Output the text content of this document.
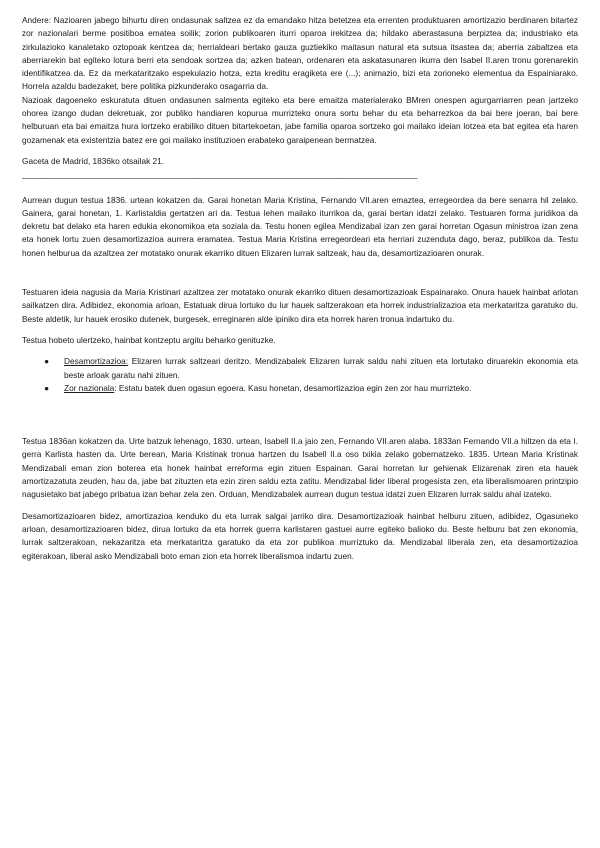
Andere: Nazioaren jabego bihurtu diren ondasunak saltzea ez da emandako hitza betetzea eta errenten produktuaren amortizazio berdinaren bitartez zor nazionalari berme positiboa ematea soilik; zorion publikoaren iturri oparoa irekitzea da; hildako aberastasuna berpiztea da; industriako eta zirkulazioko kanaletako oztopoak kentzea da; herrialdeari bertako gauza guztiekiko maitasun natural eta sutsua itsastea da; aberria zabaltzea eta aberriarekin bat egiteko lotura berri eta sendoak sortzea da; azken batean, ordenaren eta askatasunaren ikurra den Isabel II.aren tronu gorenarekin identifikatzea da. Ez da merkataritzako espekulazio hotza, ezta kreditu eragiketa ere (...); animazio, bizi eta zorioneko elementua da Espainiarako. Horrela azaldu badezaket, bere politika pizkunderako osagarria da.

Nazioak dagoeneko eskuratuta dituen ondasunen salmenta egiteko eta bere emaitza materialerako BMren onespen agurgarriarren pean jartzeko ohorea izango dudan dekretuak, zor publiko handiaren kopurua murrizteko onura sortu behar du eta beharrezkoa da bai bere joeran, bai bere helburuan eta bai emaitza hura lortzeko erabiliko dituen bitartekoetan, jabe familia oparoa sortzeko goi mailako ideian lotzea eta bat egitea eta haren gozamenak eta existentzia batez ere goi mailako instituzioen erabateko garaipenean bermatzea.

Gaceta de Madrid, 1836ko otsailak 21.

________________________________________________________________________________________________

Aurrean dugun testua 1836. urtean kokatzen da. Garai honetan Maria Kristina, Fernando VII.aren emaztea, erregeordea da bere senarra hil zelako. Gainera, garai honetan, 1. Karlistaldia gertatzen ari da. Testua lehen mailako iturrikoa da, garai bertan idatzi zelako. Testuaren forma juridikoa da dekretu bat delako eta haren edukia ekonomikoa eta soziala da. Testu honen egilea Mendizabal izan zen garai horretan Ogasun ministroa izan zena eta honek lortu zuen desamortizazioa aurrera eramatea. Testua Maria Kristina erregeordeari eta herriari zuzenduta dago, beraz, publikoa da. Testu honen helburua da azaltzea zer motatako onurak ekarriko dituen Elizaren lurrak saltzeak, hau da, desamortizazioaren onurak.

Testuaren ideia nagusia da Maria Kristinari azaltzea zer motatako onurak ekarriko dituen desamortizazioak Espainarako. Onura hauek hainbat arlotan sailkatzen dira. Adibidez, ekonomia arloan, Estatuak dirua lortuko du lur hauek saltzerakoan eta horrek industrializazioa eta merkataritza garatuko du. Beste aldetik, lur hauek erosiko dutenek, burgesek, erreginaren alde ipiniko dira eta horrek haren tronua indartuko du.

Testua hobeto ulertzeko, hainbat kontzeptu argitu beharko genituzke.

● Desamortizazioa: Elizaren lurrak saltzeari deritzo. Mendizabalek Elizaren lurrak saldu nahi zituen eta lortutako diruarekin ekonomia eta beste arloak garatu nahi zituen.
● Zor nazionala: Estatu batek duen ogasun egoera. Kasu honetan, desamortizazioa egin zen zor hau murrizteko.

Testua 1836an kokatzen da. Urte batzuk lehenago, 1830. urtean, Isabell II.a jaio zen, Fernando VII.aren alaba. 1833an Fernando VII.a hiltzen da eta I. gerra Karlista hasten da. Urte berean, Maria Kristinak tronua hartzen du Isabell II.a oso txikia zelako gobernatzeko. 1835. Urtean Maria Kristinak Mendizabali eman zion boterea eta honek hainbat erreforma egin zituen Espainan. Garai horretan lur gehienak Elizarenak ziren eta hauek amortizazatuta zeuden, hau da, jabe bat zituzten eta ezin ziren saldu ezta zatitu. Mendizabal lider liberal progesista zen, eta liberalismoaren printzipio nagusietako bat jabego pribatua izan behar zela zen. Orduan, Mendizabalek aurrean dugun testua idatzi zuen Elizaren lurrak saldu ahal izateko.

Desamortizazioaren bidez, amortizazioa kenduko du eta lurrak salgai jarriko dira. Desamortizazioak hainbat helburu zituen, adibidez, Ogasuneko arloan, desamortizazioaren bidez, dirua lortuko da eta horrek guerra karlistaren gastuei aurre egiteko balioko du. Beste helburu bat zen ekonomia, lurrak saltzerakoan, nekazaritza eta merkataritza garatuko da eta zor publikoa murriztuko da. Mendizabal liberala zen, eta desamortizazioa egiterakoan, liberal asko Mendizabali boto eman zion eta horrek liberalismoa indartu zuen.
